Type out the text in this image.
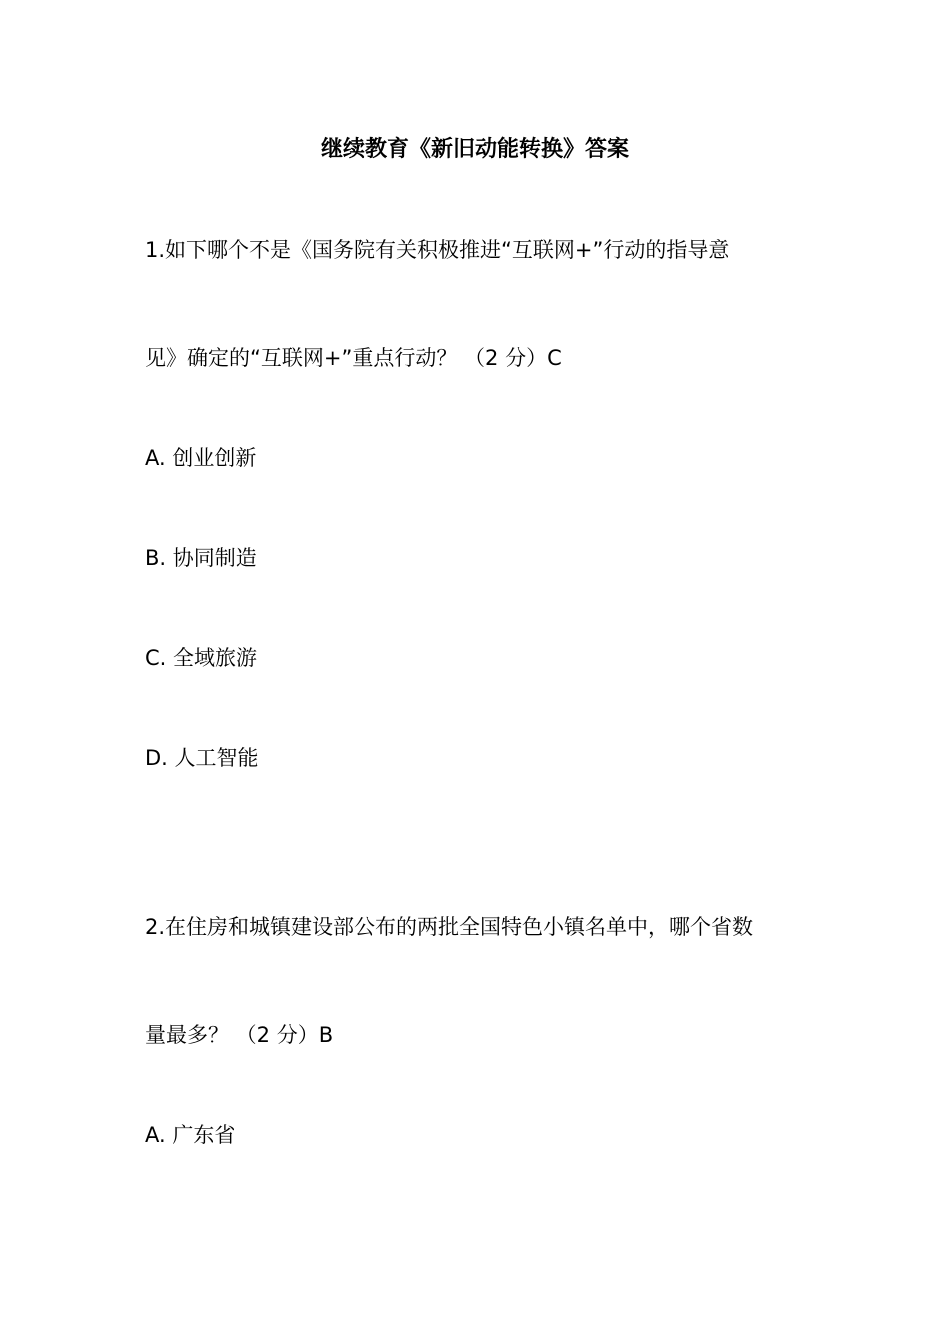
继续教育《新旧动能转换》答案
1.如下哪个不是《国务院有关积极推进“互联网+”行动的指导意
见》确定的“互联网+”重点行动？ （2 分）C
A. 创业创新
B. 协同制造
C. 全域旅游
D. 人工智能
2.在住房和城镇建设部公布的两批全国特色小镇名单中，哪个省数
量最多？ （2 分）B
A. 广东省
